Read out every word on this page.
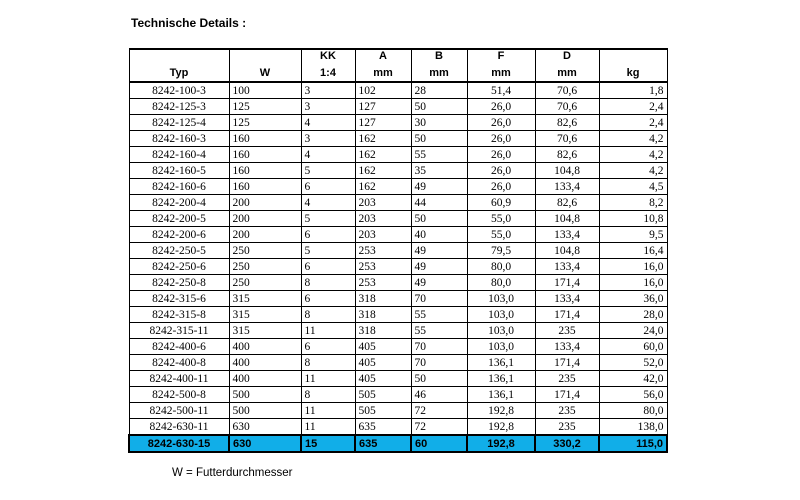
Technische Details :
		KK	A	B	F	D	
Typ	W	1:4	mm	mm	mm	mm	kg
8242-100-3	100	3	102	28	51,4	70,6	1,8
8242-125-3	125	3	127	50	26,0	70,6	2,4
8242-125-4	125	4	127	30	26,0	82,6	2,4
8242-160-3	160	3	162	50	26,0	70,6	4,2
8242-160-4	160	4	162	55	26,0	82,6	4,2
8242-160-5	160	5	162	35	26,0	104,8	4,2
8242-160-6	160	6	162	49	26,0	133,4	4,5
8242-200-4	200	4	203	44	60,9	82,6	8,2
8242-200-5	200	5	203	50	55,0	104,8	10,8
8242-200-6	200	6	203	40	55,0	133,4	9,5
8242-250-5	250	5	253	49	79,5	104,8	16,4
8242-250-6	250	6	253	49	80,0	133,4	16,0
8242-250-8	250	8	253	49	80,0	171,4	16,0
8242-315-6	315	6	318	70	103,0	133,4	36,0
8242-315-8	315	8	318	55	103,0	171,4	28,0
8242-315-11	315	11	318	55	103,0	235	24,0
8242-400-6	400	6	405	70	103,0	133,4	60,0
8242-400-8	400	8	405	70	136,1	171,4	52,0
8242-400-11	400	11	405	50	136,1	235	42,0
8242-500-8	500	8	505	46	136,1	171,4	56,0
8242-500-11	500	11	505	72	192,8	235	80,0
8242-630-11	630	11	635	72	192,8	235	138,0
8242-630-15	630	15	635	60	192,8	330,2	115,0
W = Futterdurchmesser
